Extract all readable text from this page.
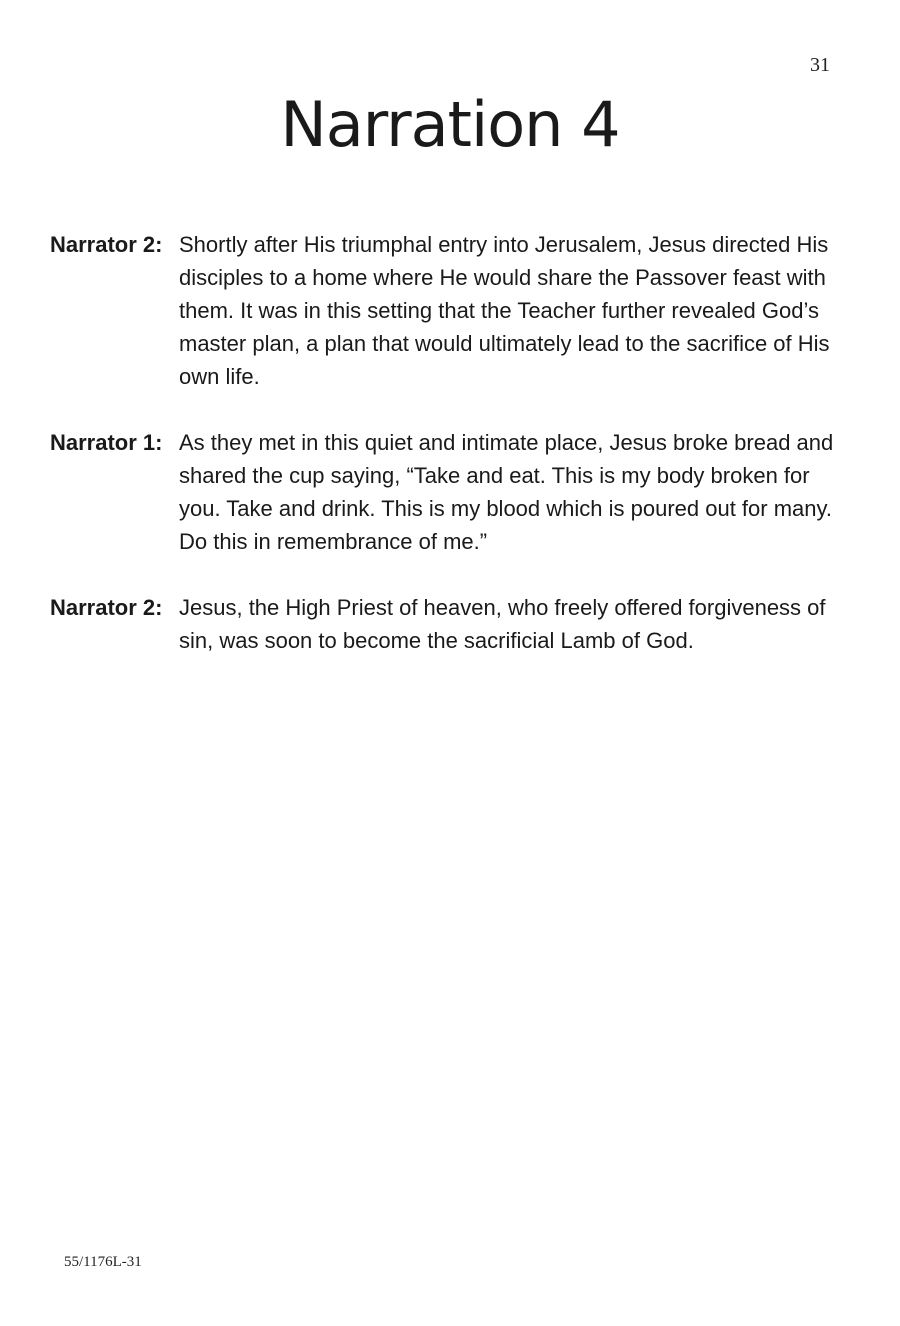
31
Narration 4
Narrator 2: Shortly after His triumphal entry into Jerusalem, Jesus directed His disciples to a home where He would share the Passover feast with them. It was in this setting that the Teacher further revealed God’s master plan, a plan that would ultimately lead to the sacrifice of His own life.
Narrator 1: As they met in this quiet and intimate place, Jesus broke bread and shared the cup saying, “Take and eat. This is my body broken for you. Take and drink. This is my blood which is poured out for many. Do this in remembrance of me.”
Narrator 2: Jesus, the High Priest of heaven, who freely offered forgiveness of sin, was soon to become the sacrificial Lamb of God.
55/1176L-31
